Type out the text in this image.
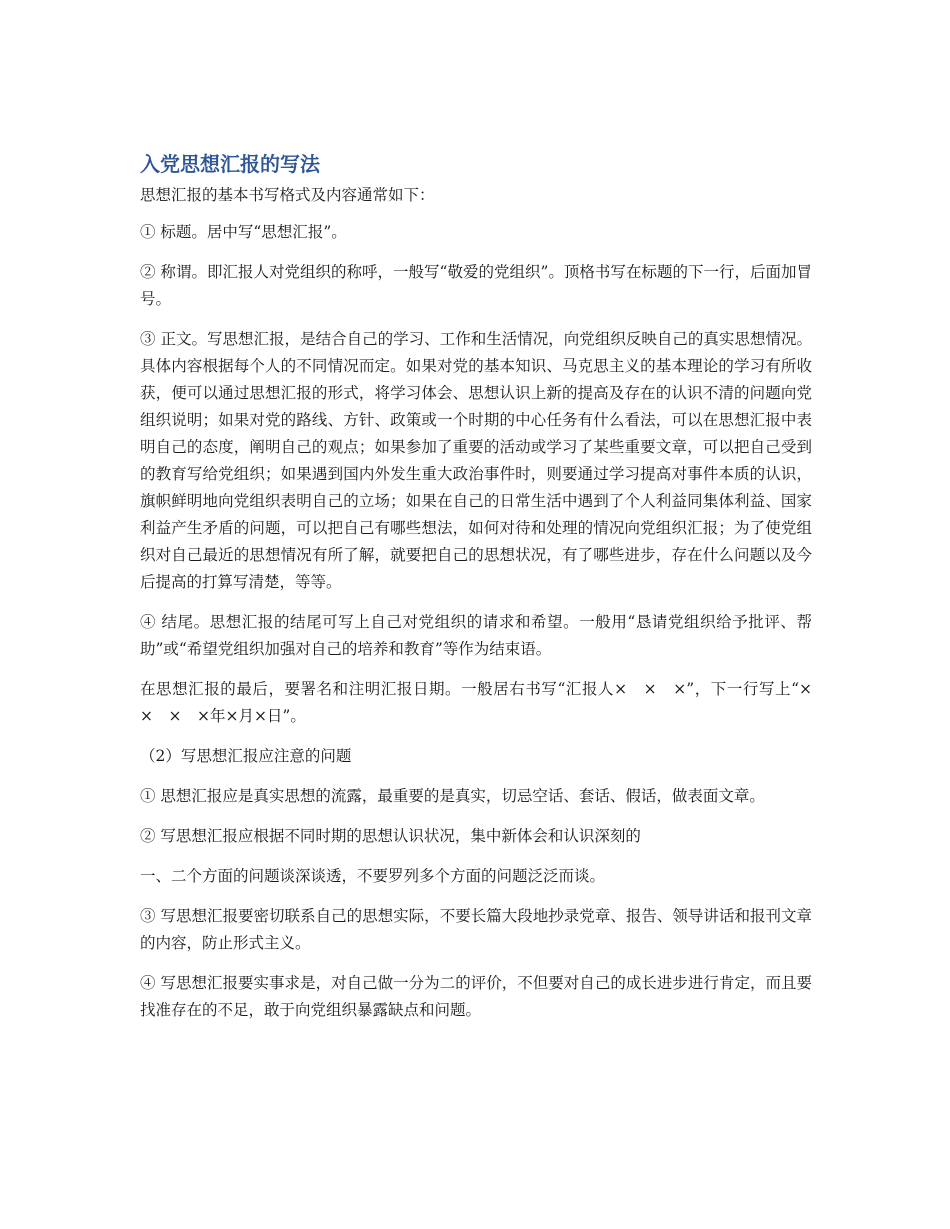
入党思想汇报的写法

思想汇报的基本书写格式及内容通常如下：

① 标题。居中写“思想汇报”。

② 称谓。即汇报人对党组织的称呼，一般写“敬爱的党组织”。顶格书写在标题的下一行，后面加冒号。

③ 正文。写思想汇报，是结合自己的学习、工作和生活情况，向党组织反映自己的真实思想情况。具体内容根据每个人的不同情况而定。如果对党的基本知识、马克思主义的基本理论的学习有所收获，便可以通过思想汇报的形式，将学习体会、思想认识上新的提高及存在的认识不清的问题向党组织说明；如果对党的路线、方针、政策或一个时期的中心任务有什么看法，可以在思想汇报中表明自己的态度，阐明自己的观点；如果参加了重要的活动或学习了某些重要文章，可以把自己受到的教育写给党组织；如果遇到国内外发生重大政治事件时，则要通过学习提高对事件本质的认识，旗帜鲜明地向党组织表明自己的立场；如果在自己的日常生活中遇到了个人利益同集体利益、国家利益产生矛盾的问题，可以把自己有哪些想法，如何对待和处理的情况向党组织汇报；为了使党组织对自己最近的思想情况有所了解，就要把自己的思想状况，有了哪些进步，存在什么问题以及今后提高的打算写清楚，等等。

④ 结尾。思想汇报的结尾可写上自己对党组织的请求和希望。一般用“恳请党组织给予批评、帮助”或“希望党组织加强对自己的培养和教育”等作为结束语。

在思想汇报的最后，要署名和注明汇报日期。一般居右书写“汇报人×　×　×”，下一行写上“×　×　×　×年×月×日”。

（2）写思想汇报应注意的问题

① 思想汇报应是真实思想的流露，最重要的是真实，切忌空话、套话、假话，做表面文章。

② 写思想汇报应根据不同时期的思想认识状况，集中新体会和认识深刻的

一、二个方面的问题谈深谈透，不要罗列多个方面的问题泛泛而谈。

③ 写思想汇报要密切联系自己的思想实际，不要长篇大段地抄录党章、报告、领导讲话和报刊文章的内容，防止形式主义。

④ 写思想汇报要实事求是，对自己做一分为二的评价，不但要对自己的成长进步进行肯定，而且要找准存在的不足，敢于向党组织暴露缺点和问题。
